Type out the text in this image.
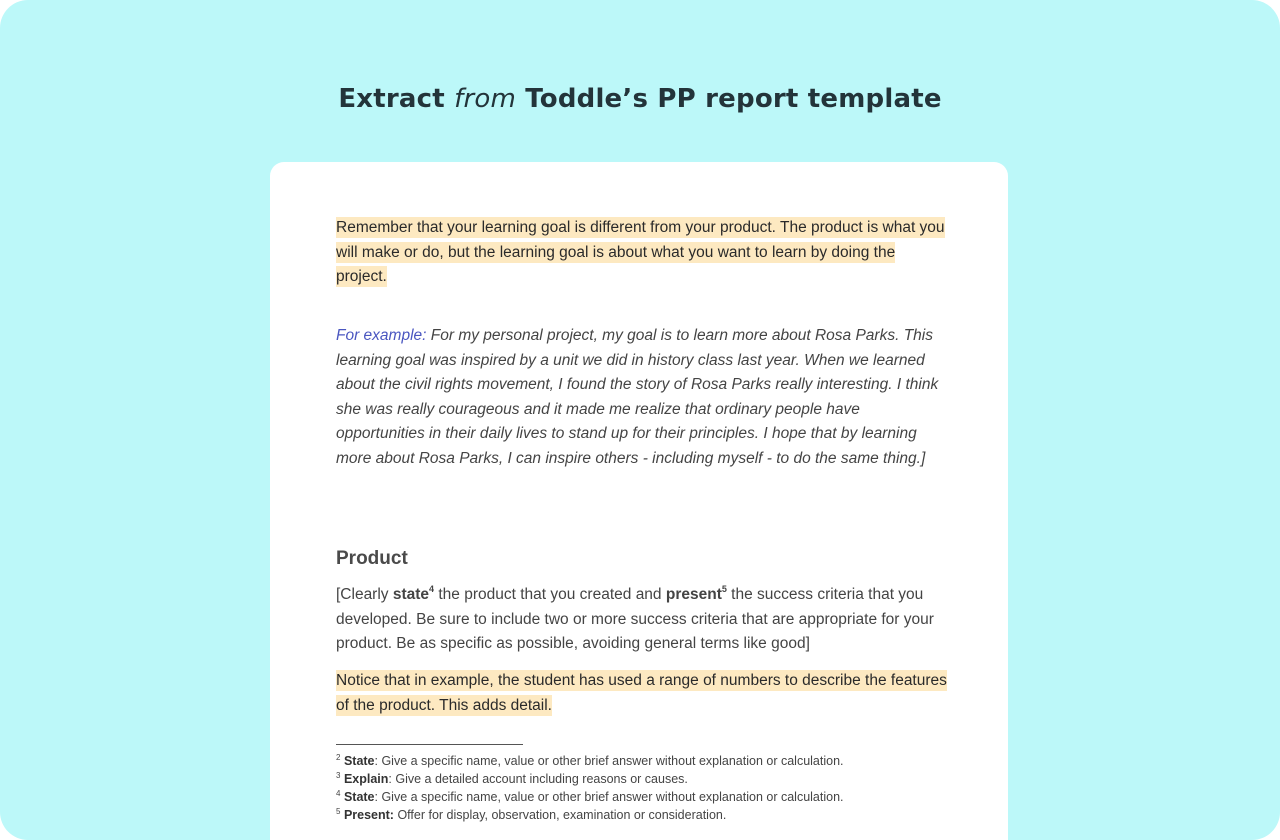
Extract from Toddle’s PP report template
Remember that your learning goal is different from your product. The product is what you will make or do, but the learning goal is about what you want to learn by doing the project.
For example: For my personal project, my goal is to learn more about Rosa Parks. This learning goal was inspired by a unit we did in history class last year. When we learned about the civil rights movement, I found the story of Rosa Parks really interesting. I think she was really courageous and it made me realize that ordinary people have opportunities in their daily lives to stand up for their principles. I hope that by learning more about Rosa Parks, I can inspire others - including myself - to do the same thing.]
Product
[Clearly state$^4$ the product that you created and present$^5$ the success criteria that you developed. Be sure to include two or more success criteria that are appropriate for your product. Be as specific as possible, avoiding general terms like good]
Notice that in example, the student has used a range of numbers to describe the features of the product. This adds detail.
$^2$ State: Give a specific name, value or other brief answer without explanation or calculation.
$^3$ Explain: Give a detailed account including reasons or causes.
$^4$ State: Give a specific name, value or other brief answer without explanation or calculation.
$^5$ Present: Offer for display, observation, examination or consideration.
